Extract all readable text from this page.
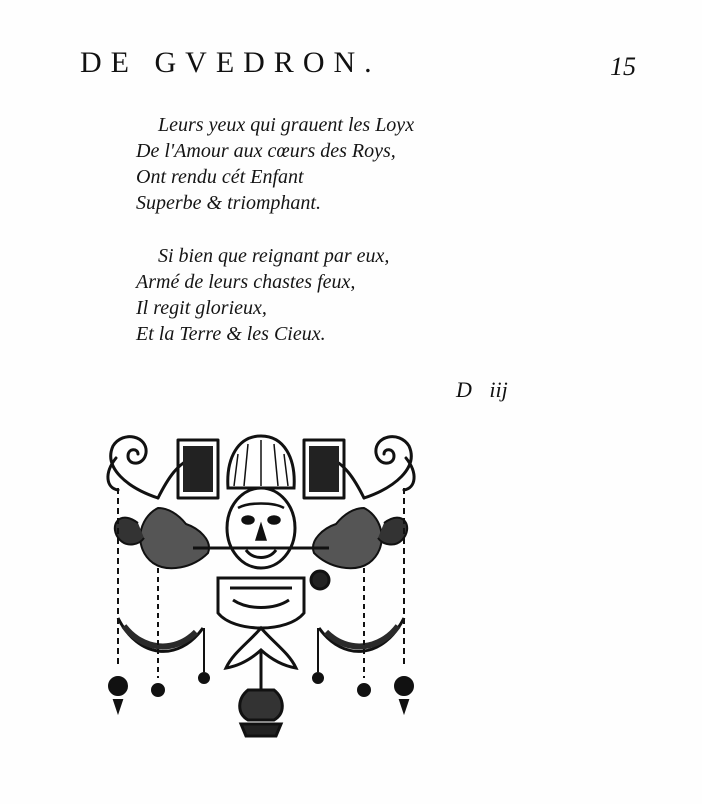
DE GVEDRON.	15
Leurs yeux qui grauent les Loyx
De l'Amour aux cœurs des Roys,
Ont rendu cét Enfant
Superbe & triomphant.
Si bien que reignant par eux,
Armé de leurs chastes feux,
Il regit glorieux,
Et la Terre & les Cieux.
D iij
